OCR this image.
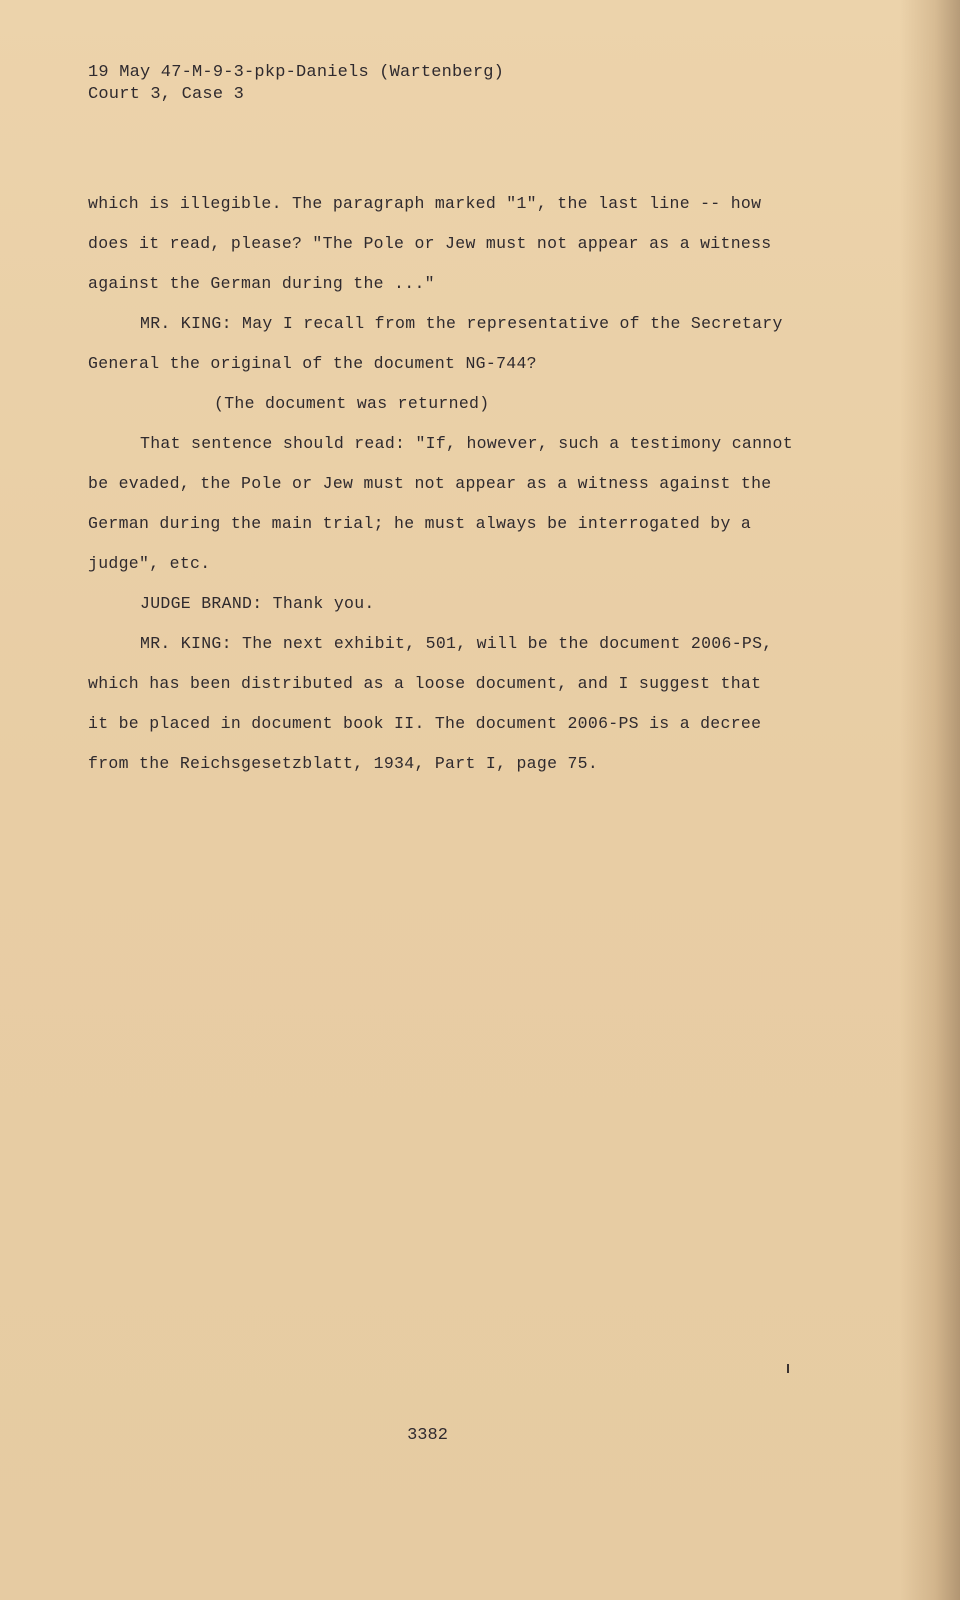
19 May 47-M-9-3-pkp-Daniels (Wartenberg)
Court 3, Case 3
which is illegible. The paragraph marked "1", the last line -- how
does it read, please? "The Pole or Jew must not appear as a witness
against the German during the ..."
MR. KING: May I recall from the representative of the Secretary
General the original of the document NG-744?
(The document was returned)
That sentence should read: "If, however, such a testimony cannot
be evaded, the Pole or Jew must not appear as a witness against the
German during the main trial; he must always be interrogated by a
judge", etc.
JUDGE BRAND: Thank you.
MR. KING: The next exhibit, 501, will be the document 2006-PS,
which has been distributed as a loose document, and I suggest that
it be placed in document book II. The document 2006-PS is a decree
from the Reichsgesetzblatt, 1934, Part I, page 75.
3382
